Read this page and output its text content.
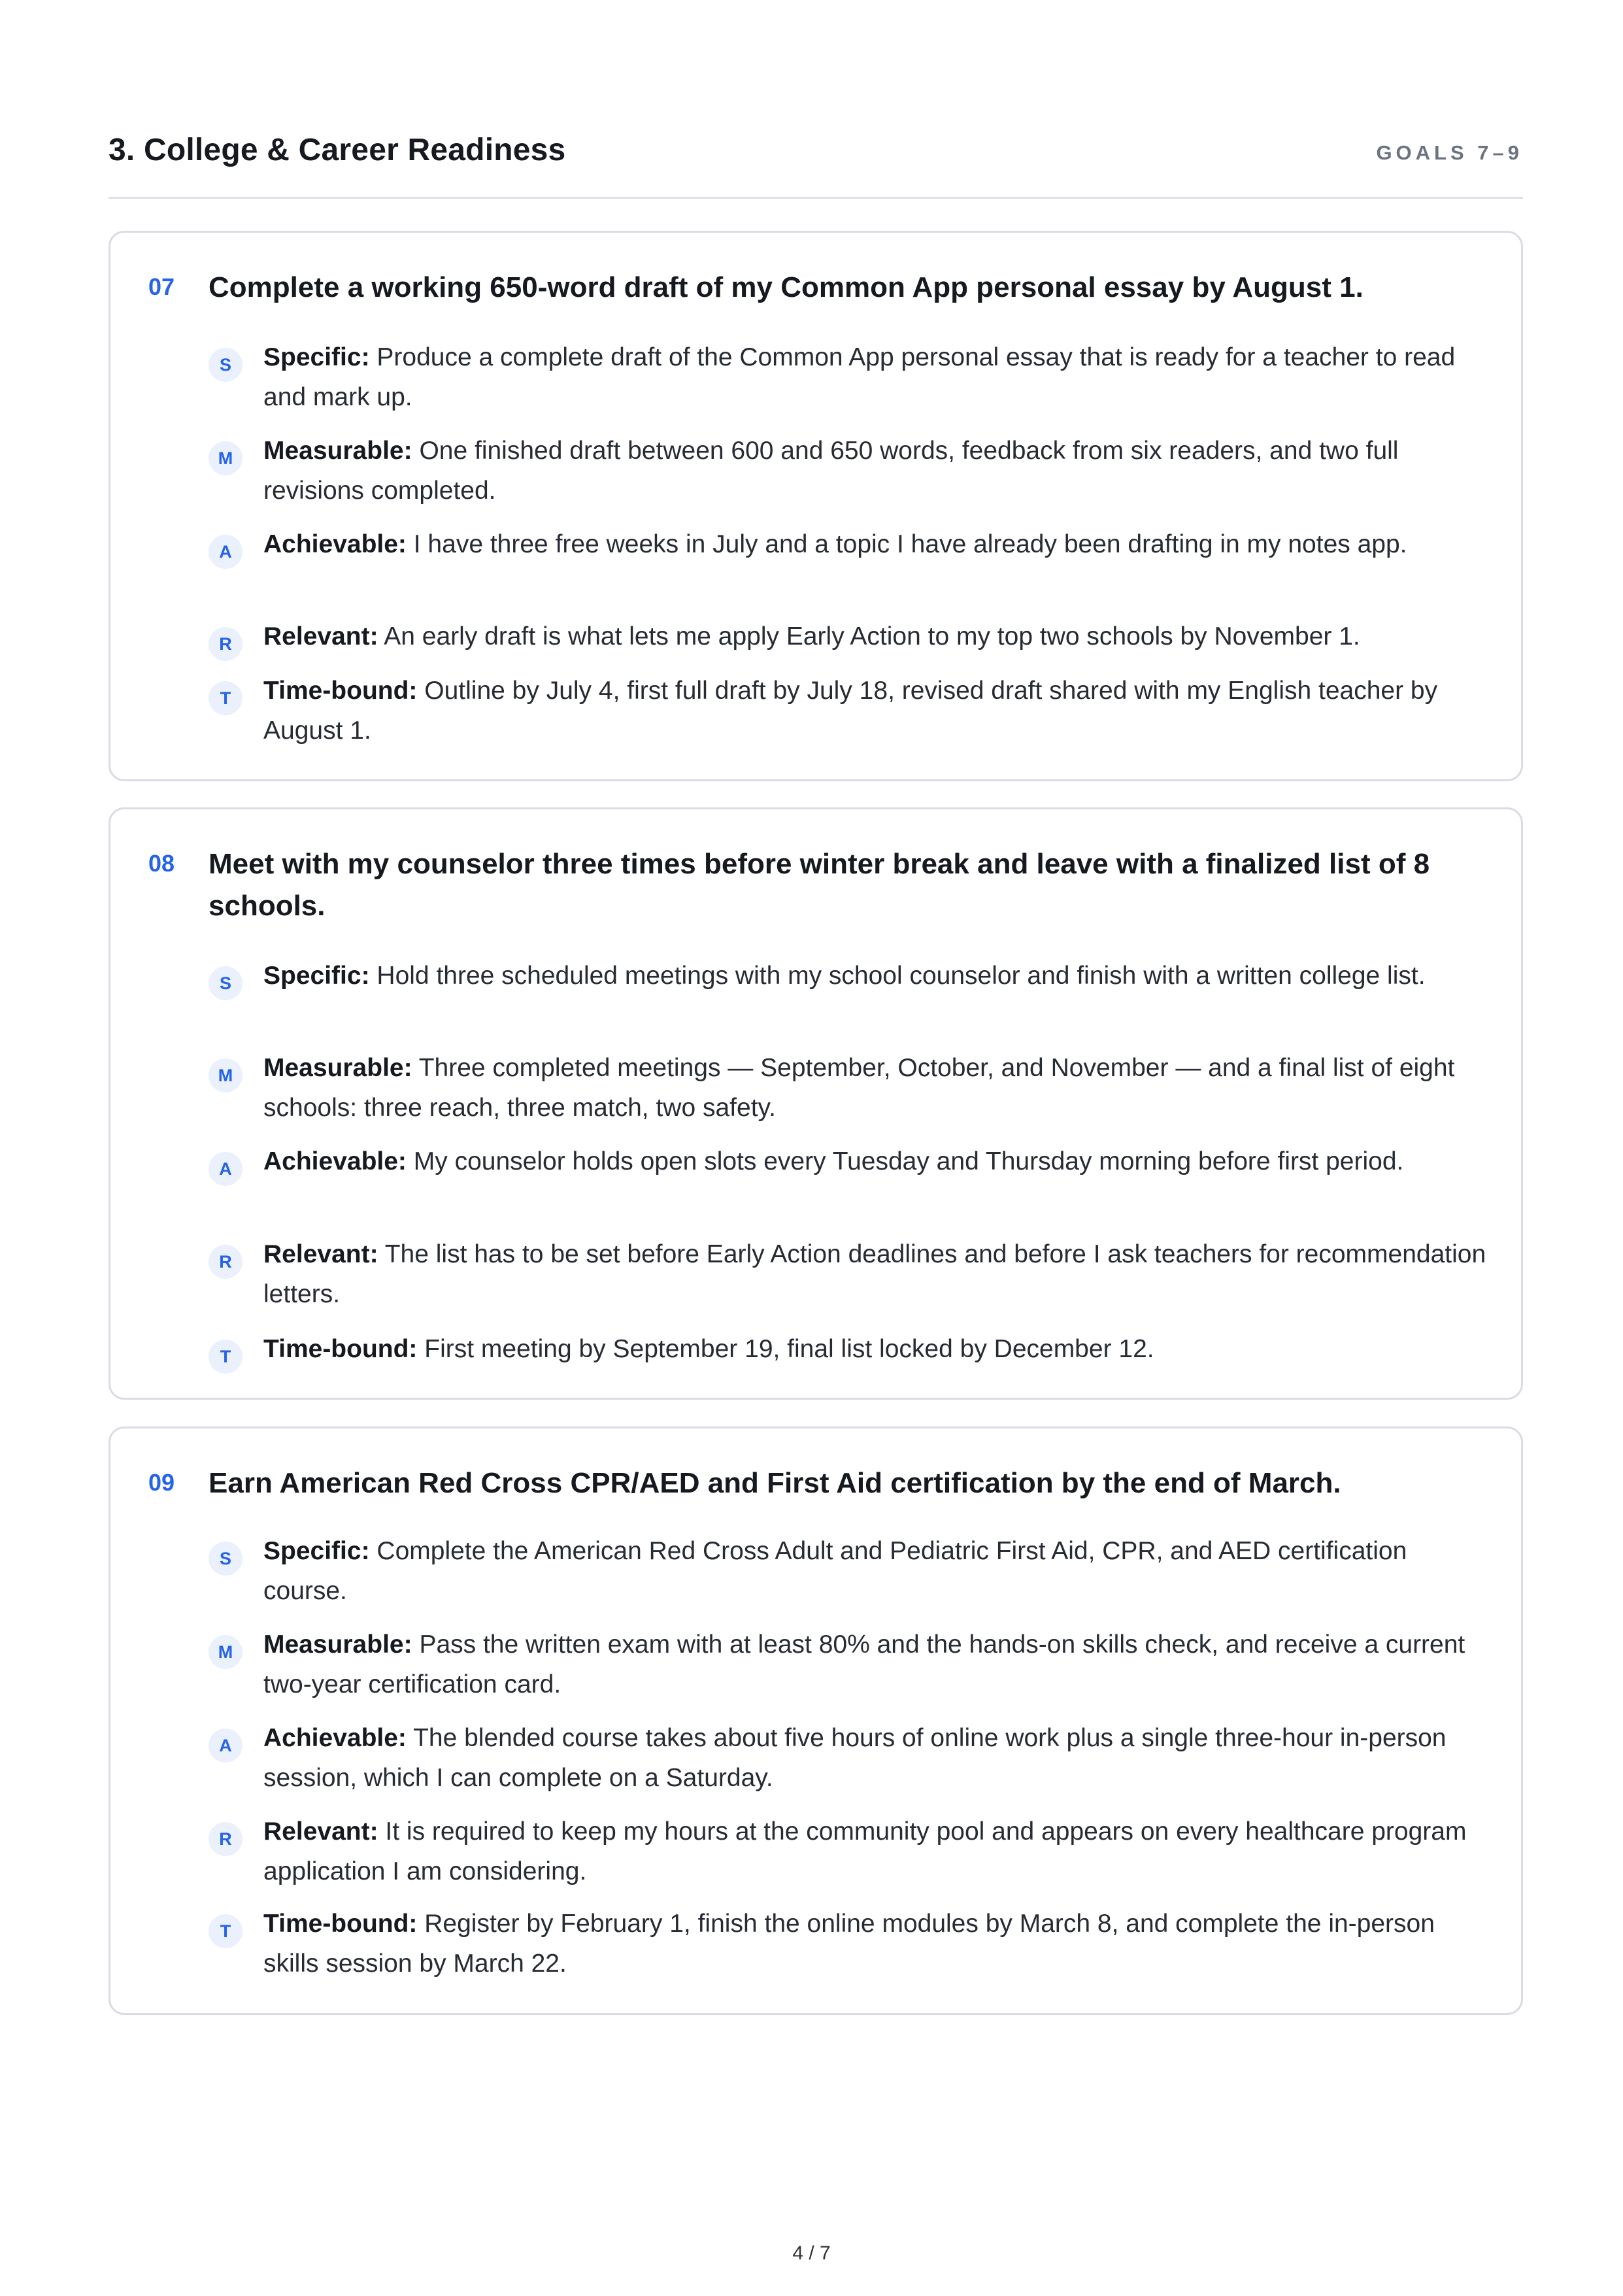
3. College & Career Readiness	GOALS 7–9
07 Complete a working 650-word draft of my Common App personal essay by August 1.
S	Specific: Produce a complete draft of the Common App personal essay that is ready for a teacher to read and mark up.

M	Measurable: One finished draft between 600 and 650 words, feedback from six readers, and two full revisions completed.

A	Achievable: I have three free weeks in July and a topic I have already been drafting in my notes app.

R	Relevant: An early draft is what lets me apply Early Action to my top two schools by November 1.

T	Time-bound: Outline by July 4, first full draft by July 18, revised draft shared with my English teacher by August 1.

08 Meet with my counselor three times before winter break and leave with a finalized list of 8 schools.
S	Specific: Hold three scheduled meetings with my school counselor and finish with a written college list.

M	Measurable: Three completed meetings — September, October, and November — and a final list of eight schools: three reach, three match, two safety.

A	Achievable: My counselor holds open slots every Tuesday and Thursday morning before first period.

R	Relevant: The list has to be set before Early Action deadlines and before I ask teachers for recommendation letters.

T	Time-bound: First meeting by September 19, final list locked by December 12.

09 Earn American Red Cross CPR/AED and First Aid certification by the end of March.
S	Specific: Complete the American Red Cross Adult and Pediatric First Aid, CPR, and AED certification course.

M	Measurable: Pass the written exam with at least 80% and the hands-on skills check, and receive a current two-year certification card.

A	Achievable: The blended course takes about five hours of online work plus a single three-hour in-person session, which I can complete on a Saturday.

R	Relevant: It is required to keep my hours at the community pool and appears on every healthcare program application I am considering.

T	Time-bound: Register by February 1, finish the online modules by March 8, and complete the in-person skills session by March 22.

4 / 7
